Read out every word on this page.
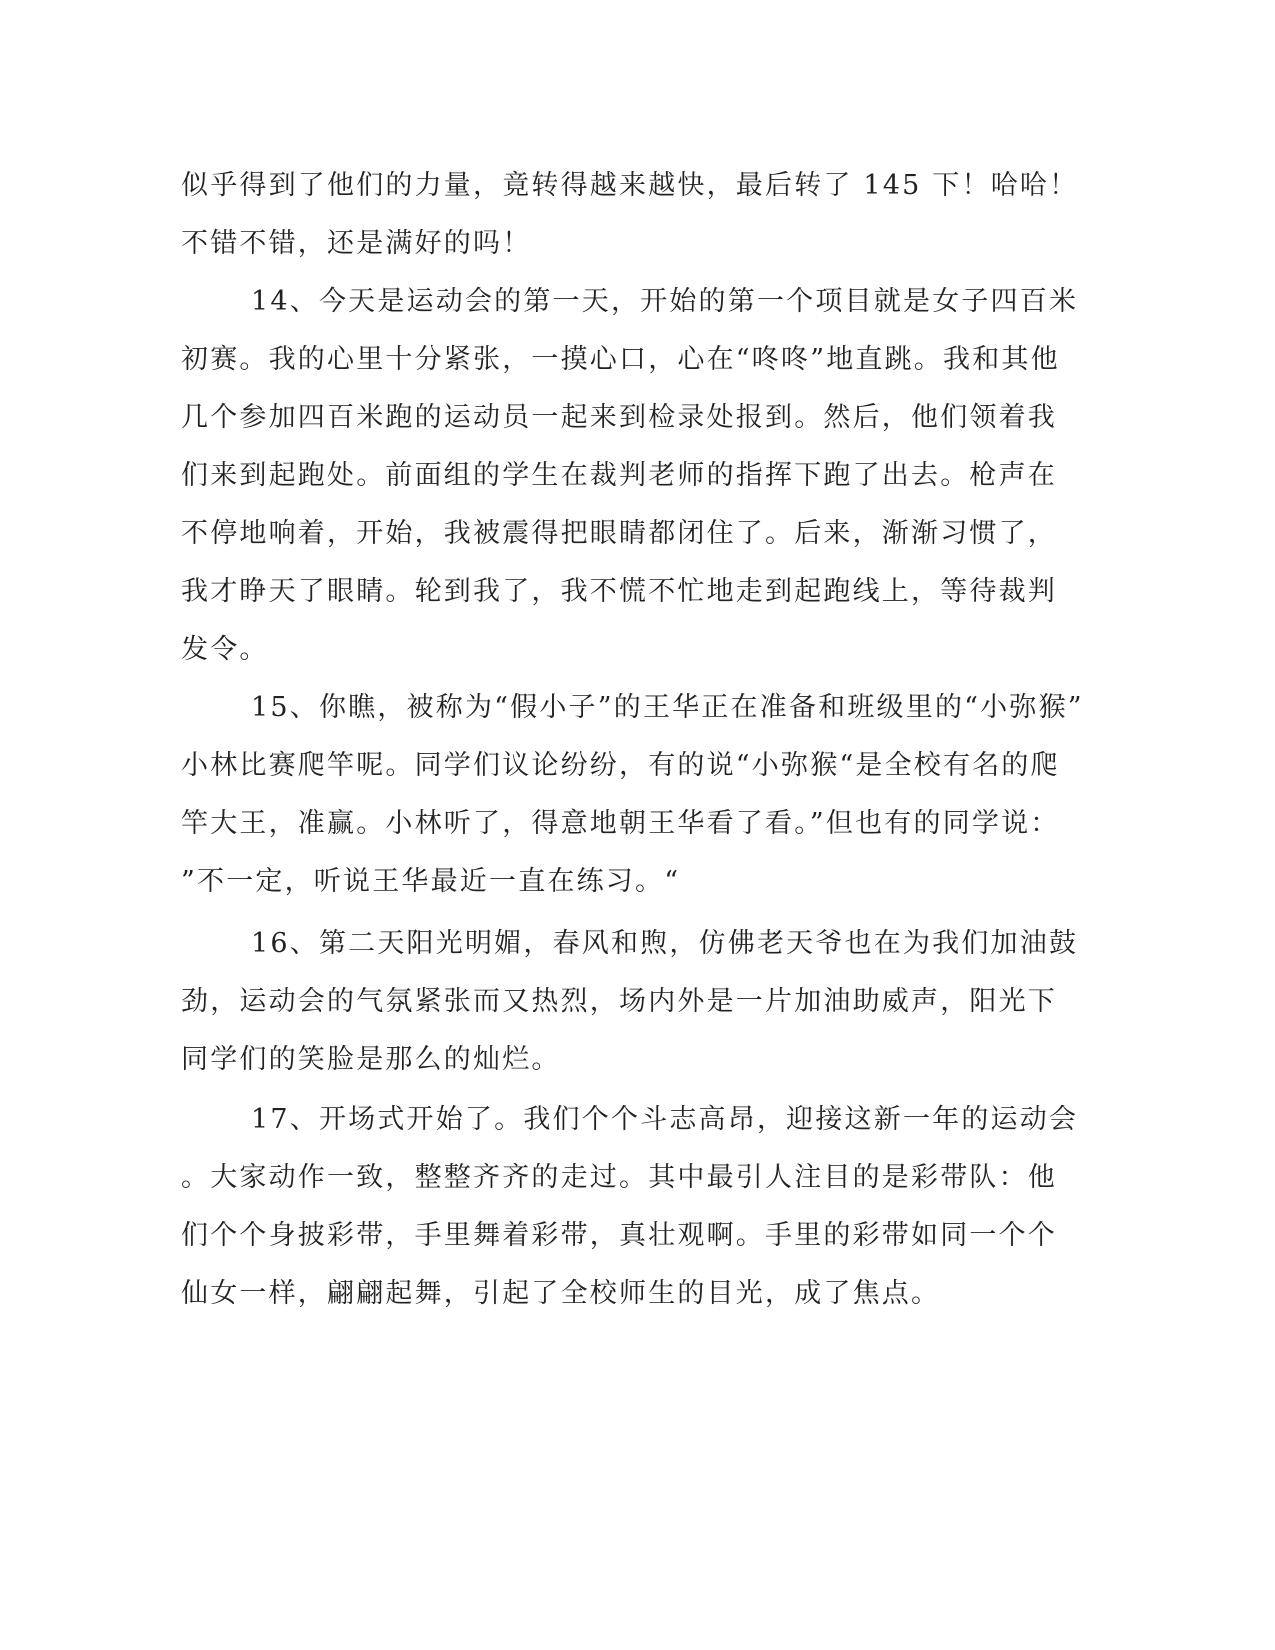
似乎得到了他们的力量，竟转得越来越快，最后转了 145 下！哈哈！
不错不错，还是满好的吗！
14、今天是运动会的第一天，开始的第一个项目就是女子四百米
初赛。我的心里十分紧张，一摸心口，心在“咚咚”地直跳。我和其他
几个参加四百米跑的运动员一起来到检录处报到。然后，他们领着我
们来到起跑处。前面组的学生在裁判老师的指挥下跑了出去。枪声在
不停地响着，开始，我被震得把眼睛都闭住了。后来，渐渐习惯了，
我才睁天了眼睛。轮到我了，我不慌不忙地走到起跑线上，等待裁判
发令。
15、你瞧，被称为“假小子”的王华正在准备和班级里的“小弥猴”
小林比赛爬竿呢。同学们议论纷纷，有的说“小弥猴“是全校有名的爬
竿大王，准赢。小林听了，得意地朝王华看了看。”但也有的同学说：
”不一定，听说王华最近一直在练习。“
16、第二天阳光明媚，春风和煦，仿佛老天爷也在为我们加油鼓
劲，运动会的气氛紧张而又热烈，场内外是一片加油助威声，阳光下
同学们的笑脸是那么的灿烂。
17、开场式开始了。我们个个斗志高昂，迎接这新一年的运动会
。大家动作一致，整整齐齐的走过。其中最引人注目的是彩带队：他
们个个身披彩带，手里舞着彩带，真壮观啊。手里的彩带如同一个个
仙女一样，翩翩起舞，引起了全校师生的目光，成了焦点。
